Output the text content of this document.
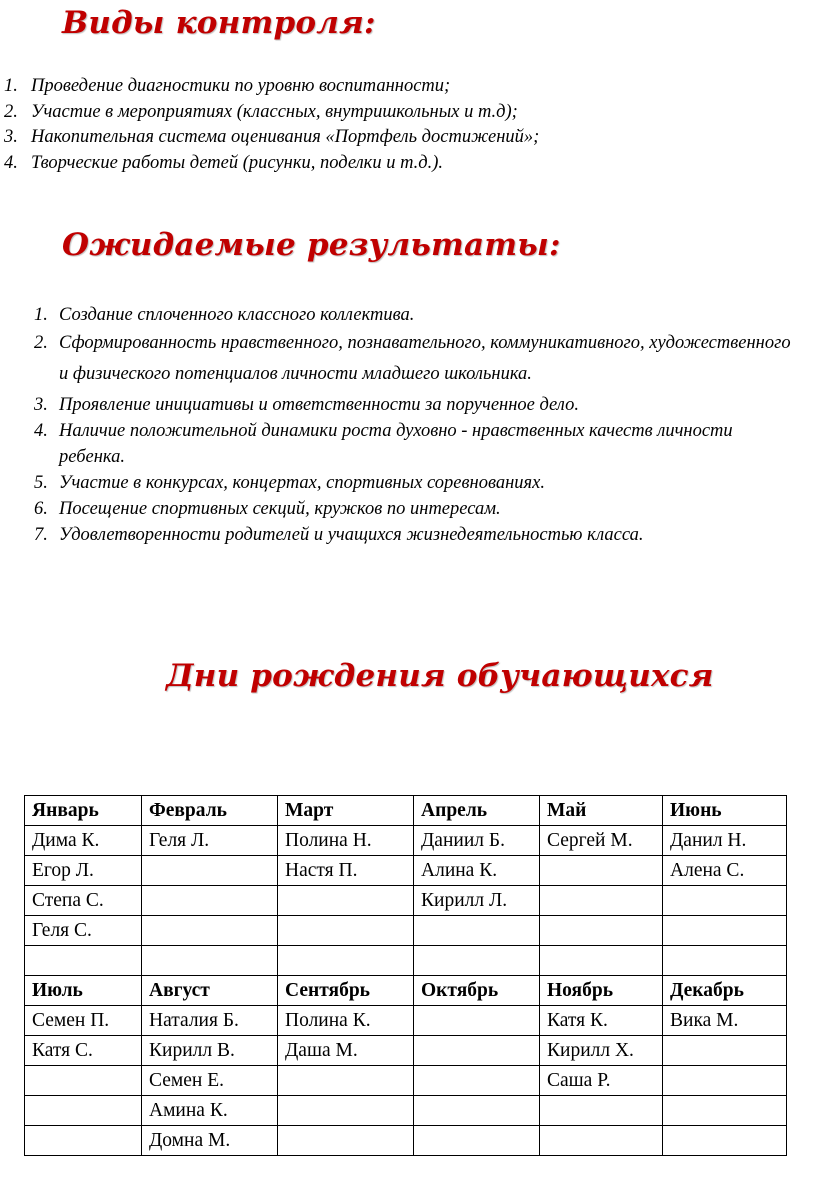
Виды контроля:
1. Проведение диагностики по уровню воспитанности;
2. Участие в мероприятиях (классных, внутришкольных и т.д);
3. Накопительная система оценивания «Портфель достижений»;
4. Творческие работы детей (рисунки, поделки и т.д.).
Ожидаемые результаты:
1. Создание сплоченного классного коллектива.
2. Сформированность нравственного, познавательного, коммуникативного, художественного и физического потенциалов личности младшего школьника.
3. Проявление инициативы и ответственности за порученное дело.
4. Наличие положительной динамики роста духовно - нравственных качеств личности    ребенка.
5. Участие в конкурсах, концертах, спортивных соревнованиях.
6. Посещение спортивных секций, кружков по интересам.
7. Удовлетворенности родителей и учащихся жизнедеятельностью класса.
Дни рождения обучающихся
Январь	Февраль	Март	Апрель	Май	Июнь
Дима К.	Геля Л.	Полина Н.	Даниил Б.	Сергей М.	Данил Н.
Егор Л.		Настя П.	Алина К.		Алена С.
Степа С.			Кирилл Л.		
Геля С.					

Июль	Август	Сентябрь	Октябрь	Ноябрь	Декабрь
Семен П.	Наталия Б.	Полина К.		Катя К.	Вика М.
Катя С.	Кирилл В.	Даша М.		Кирилл Х.	
	Семен Е.			Саша Р.	
	Амина К.				
	Домна М.				
